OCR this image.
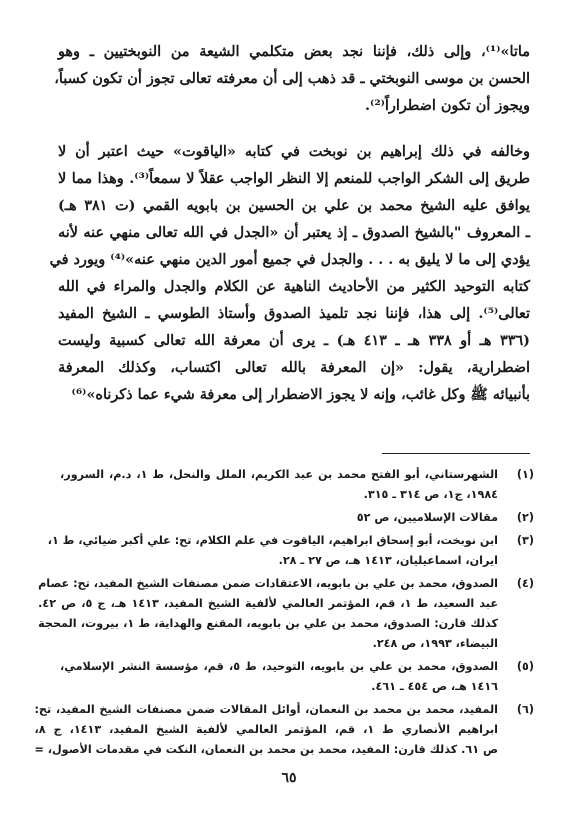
ماتا»⁽¹⁾، وإلى ذلك، فإننا نجد بعض متكلمي الشيعة من النوبختيين ـ وهو
الحسن بن موسى النوبختي ـ قد ذهب إلى أن معرفته تعالى تجوز أن تكون كسباً،
ويجوز أن تكون اضطراراً⁽²⁾.
وخالفه في ذلك إبراهيم بن نوبخت في كتابه «الياقوت» حيث اعتبر أن لا
طريق إلى الشكر الواجب للمنعم إلا النظر الواجب عقلاً لا سمعاً⁽³⁾. وهذا مما لا
يوافق عليه الشيخ محمد بن علي بن الحسين بن بابويه القمي (ت ٣٨١ هـ)
ـ المعروف "بالشيخ الصدوق ـ إذ يعتبر أن «الجدل في الله تعالى منهي عنه لأنه
يؤدي إلى ما لا يليق به . . . والجدل في جميع أمور الدين منهي عنه»⁽⁴⁾ ويورد في
كتابه التوحيد الكثير من الأحاديث الناهية عن الكلام والجدل والمراء في الله
تعالى⁽⁵⁾. إلى هذا، فإننا نجد تلميذ الصدوق وأستاذ الطوسي ـ الشيخ المفيد
(٣٣٦ هـ أو ٣٣٨ هـ ـ ٤١٣ هـ) ـ يرى أن معرفة الله تعالى كسبية وليست
اضطرارية، يقول: «إن المعرفة بالله تعالى اكتساب، وكذلك المعرفة
بأنبيائه ﷺ وكل غائب، وإنه لا يجوز الاضطرار إلى معرفة شيء عما ذكرناه»⁽⁶⁾
(١)
الشهرستاني، أبو الفتح محمد بن عبد الكريم، الملل والنحل، ط ١، د.م، السرور،
١٩٨٤، ج١، ص ٣١٤ ـ ٣١٥.
(٢)
مقالات الإسلاميين، ص ٥٢
(٣)
ابن نوبخت، أبو إسحاق ابراهيم، الياقوت في علم الكلام، تح: علي أكبر ضيائي، ط ١،
ايران، اسماعيليان، ١٤١٣ هـ، ص ٢٧ ـ ٢٨.
(٤)
الصدوق، محمد بن علي بن بابويه، الاعتقادات ضمن مصنفات الشيخ المفيد، تح: عصام
عبد السعيد، ط ١، قم، المؤتمر العالمي لألفية الشيخ المفيد، ١٤١٣ هـ، ج ٥، ص ٤٢.
كذلك قارن: الصدوق، محمد بن علي بن بابويه، المقنع والهداية، ط ١، بيروت، المحجة
البيضاء، ١٩٩٣، ص ٢٤٨.
(٥)
الصدوق، محمد بن علي بن بابويه، التوحيد، ط ٥، قم، مؤسسة النشر الإسلامي،
١٤١٦ هـ، ص ٤٥٤ ـ ٤٦١.
(٦)
المفيد، محمد بن محمد بن النعمان، أوائل المقالات ضمن مصنفات الشيخ المفيد، تح:
ابراهيم الأنصاري ط ١، قم، المؤتمر العالمي لألفية الشيخ المفيد، ١٤١٣، ج ٨،
ص ٦١. كذلك قارن: المفيد، محمد بن محمد بن النعمان، النكت في مقدمات الأصول، =
٦٥
